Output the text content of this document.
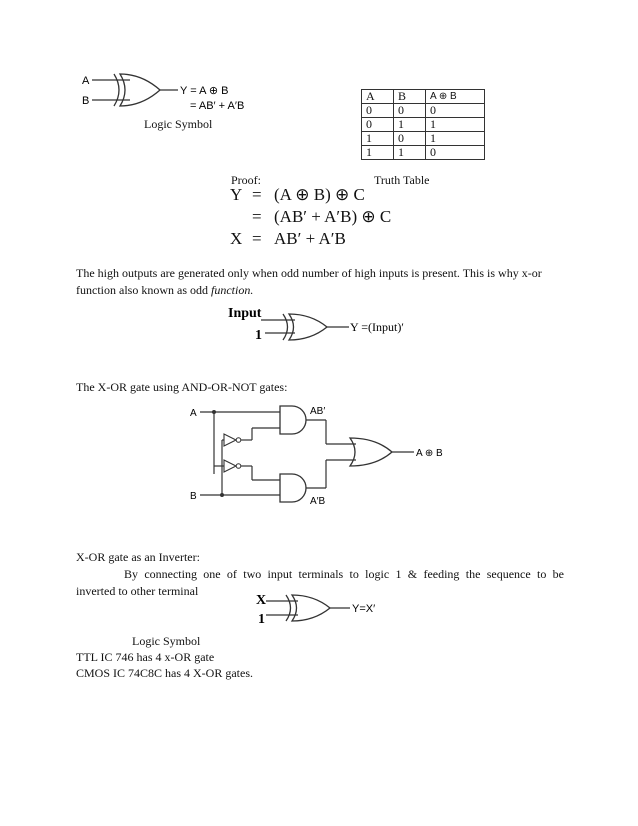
A
B
Y = A ⊕ B
= AB′ + A′B
Logic Symbol
A	B	A ⊕ B
0	0	0
0	1	1
1	0	1
1	1	0
Proof:	Truth Table
Y = (A ⊕ B) ⊕ C
= (AB′ + A′B) ⊕ C
X = AB′ + A′B
The high outputs are generated only when odd number of high inputs is present. This is why x-or
function also known as odd function.
Input
1
Y =(Input)′
The X-OR gate using AND-OR-NOT gates:
A
B
AB′
A′B
A ⊕ B
X-OR gate as an Inverter:
By connecting one of two input terminals to logic 1 & feeding the sequence to be
inverted to other terminal
X
1
Y=X′
Logic Symbol
TTL IC 746 has 4 x-OR gate
CMOS IC 74C8C has 4 X-OR gates.
